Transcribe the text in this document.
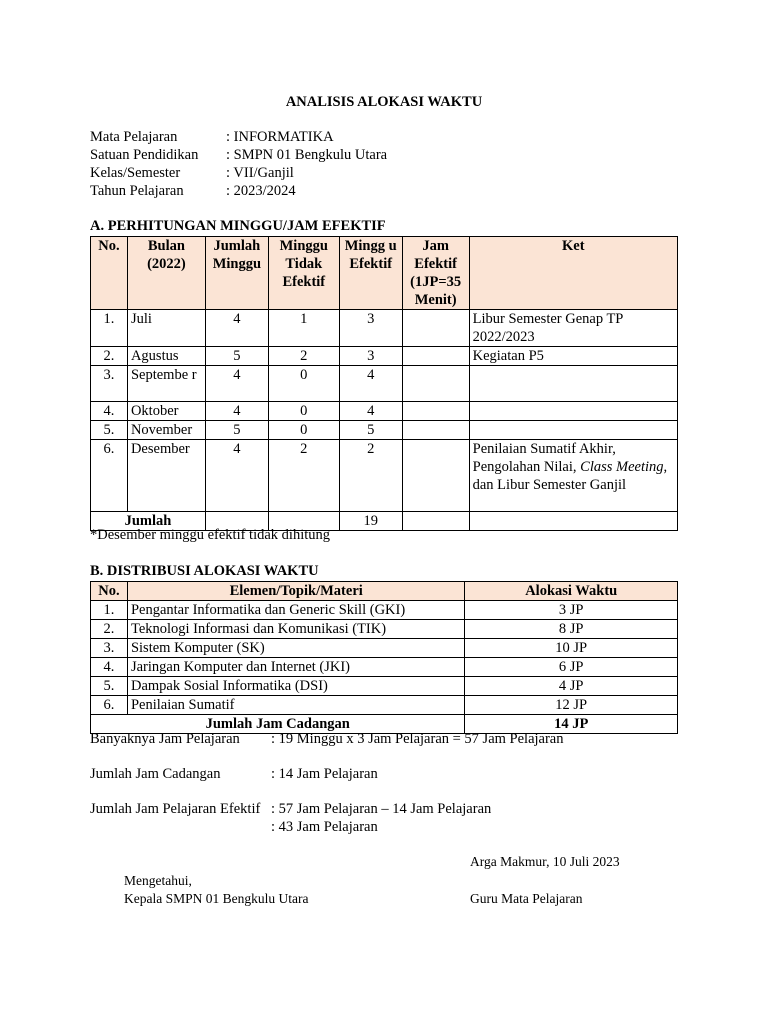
ANALISIS ALOKASI WAKTU
Mata Pelajaran	: INFORMATIKA
Satuan Pendidikan	: SMPN 01 Bengkulu Utara
Kelas/Semester	: VII/Ganjil
Tahun Pelajaran	: 2023/2024
A. PERHITUNGAN MINGGU/JAM EFEKTIF
No.	Bulan (2022)	Jumlah Minggu	Minggu Tidak Efektif	Mingg u Efektif	Jam Efektif (1JP=35 Menit)	Ket
1.	Juli	4	1	3		Libur Semester Genap TP 2022/2023
2.	Agustus	5	2	3		Kegiatan P5
3.	Septembe r	4	0	4		
4.	Oktober	4	0	4		
5.	November	5	0	5		
6.	Desember	4	2	2		Penilaian Sumatif Akhir, Pengolahan Nilai, Class Meeting, dan Libur Semester Ganjil
Jumlah				19		
*Desember minggu efektif tidak dihitung
B. DISTRIBUSI ALOKASI WAKTU
No.	Elemen/Topik/Materi	Alokasi Waktu
1.	Pengantar Informatika dan Generic Skill (GKI)	3 JP
2.	Teknologi Informasi dan Komunikasi (TIK)	8 JP
3.	Sistem Komputer (SK)	10 JP
4.	Jaringan Komputer dan Internet (JKI)	6 JP
5.	Dampak Sosial Informatika (DSI)	4 JP
6.	Penilaian Sumatif	12 JP
Jumlah Jam Cadangan		14 JP
Banyaknya Jam Pelajaran : 19 Minggu x 3 Jam Pelajaran = 57 Jam Pelajaran
Jumlah Jam Cadangan	: 14 Jam Pelajaran
Jumlah Jam Pelajaran Efektif : 57 Jam Pelajaran – 14 Jam Pelajaran
: 43 Jam Pelajaran
Arga Makmur, 10 Juli 2023
Mengetahui,
Kepala SMPN 01 Bengkulu Utara	Guru Mata Pelajaran
